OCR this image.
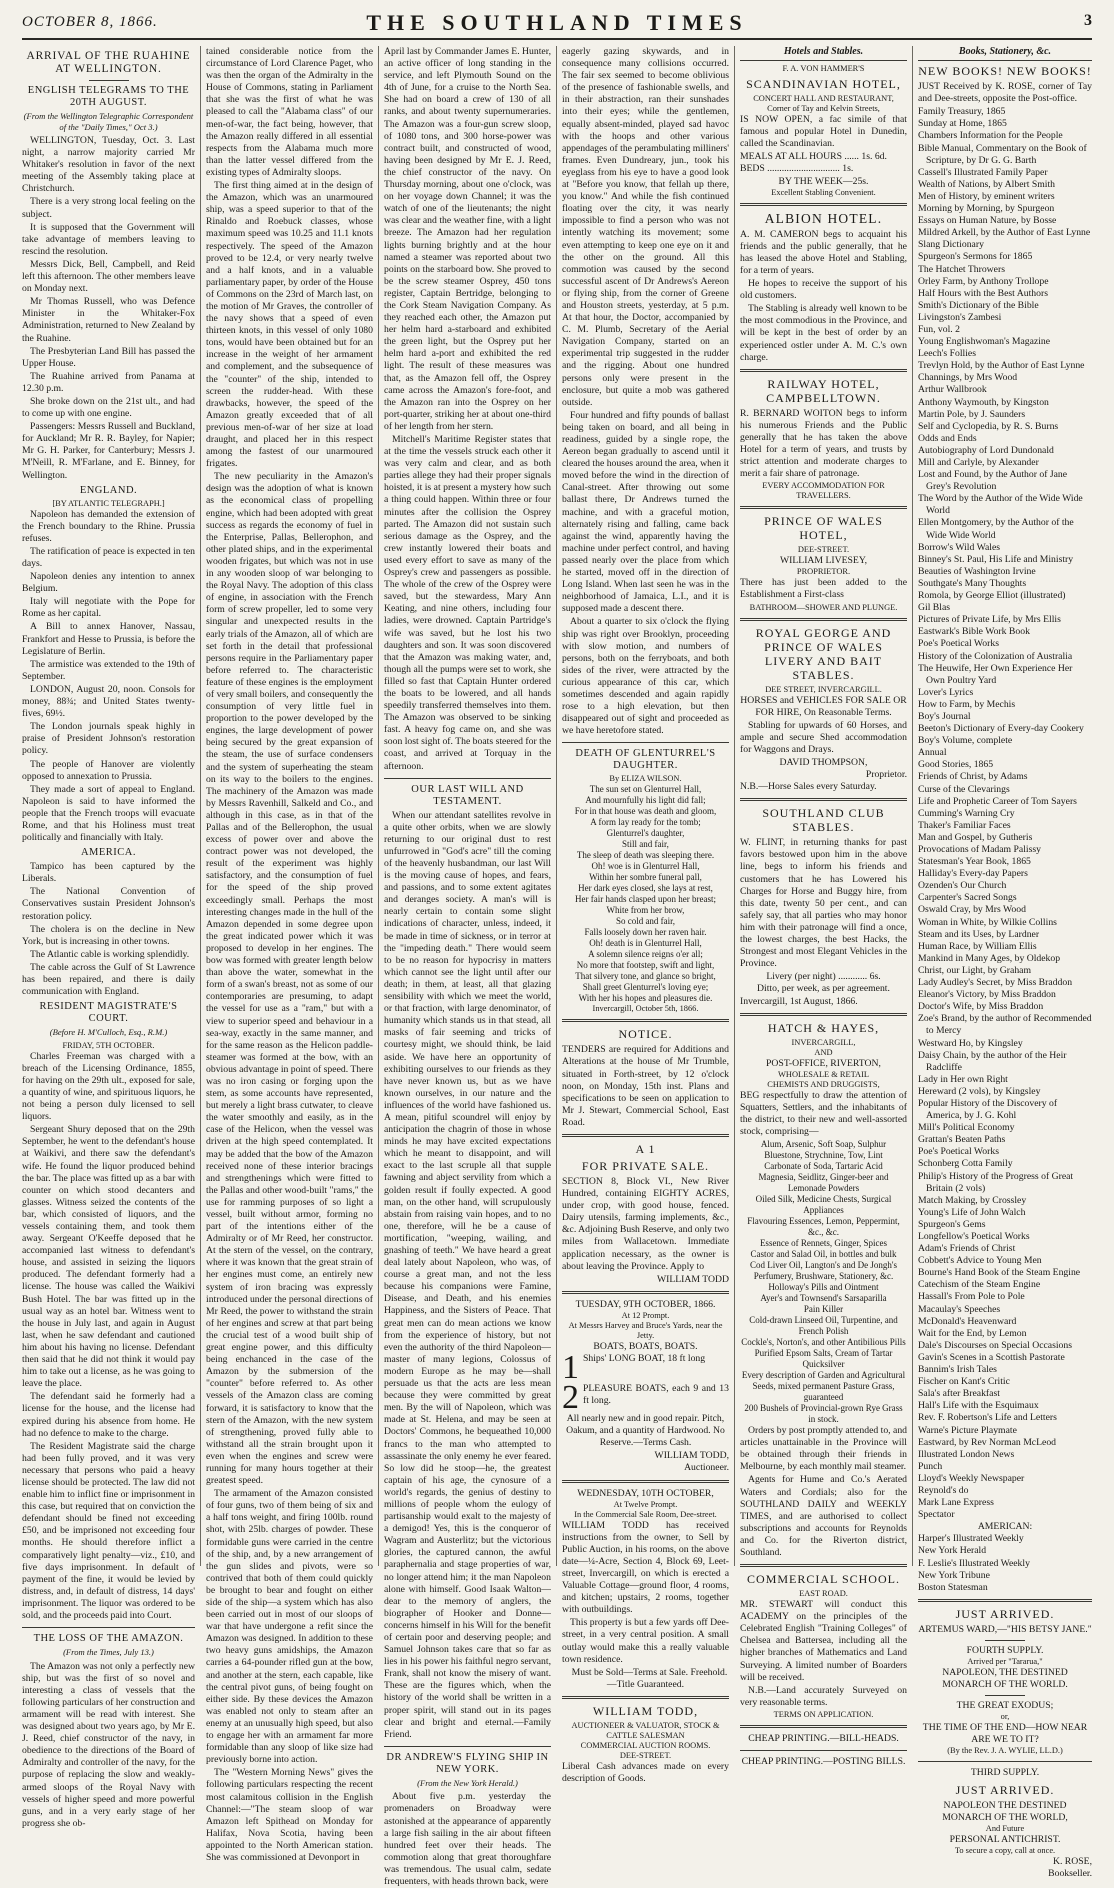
OCTOBER 8, 1866.	THE SOUTHLAND TIMES	3
ARRIVAL OF THE RUAHINE AT WELLINGTON.
ENGLISH TELEGRAMS TO THE 20TH AUGUST.
(From the Wellington Telegraphic Correspondent of the "Daily Times," Oct 3.)

WELLINGTON, Tuesday, Oct. 3. Last night, a narrow majority carried Mr Whitaker's resolution in favor of the next meeting of the Assembly taking place at Christchurch.

There is a very strong local feeling on the subject.

It is supposed that the Government will take advantage of members leaving to rescind the resolution.

Messrs Dick, Bell, Campbell, and Reid left this afternoon. The other members leave on Monday next.

Mr Thomas Russell, who was Defence Minister in the Whitaker-Fox Administration, returned to New Zealand by the Ruahine.

The Presbyterian Land Bill has passed the Upper House.

The Ruahine arrived from Panama at 12.30 p.m.

She broke down on the 21st ult., and had to come up with one engine.

Passengers: Messrs Russell and Buckland, for Auckland; Mr R. R. Bayley, for Napier; Mr G. H. Parker, for Canterbury; Messrs J. M'Neill, R. M'Farlane, and E. Binney, for Wellington.

ENGLAND.
[BY ATLANTIC TELEGRAPH.]

Napoleon has demanded the extension of the French boundary to the Rhine. Prussia refuses.

The ratification of peace is expected in ten days.

Napoleon denies any intention to annex Belgium.

Italy will negotiate with the Pope for Rome as her capital.

A Bill to annex Hanover, Nassau, Frankfort and Hesse to Prussia, is before the Legislature of Berlin.

The armistice was extended to the 19th of September.

LONDON, August 20, noon. Consols for money, 88¾; and United States twenty-fives, 69½.

The London journals speak highly in praise of President Johnson's restoration policy.

The people of Hanover are violently opposed to annexation to Prussia.

They made a sort of appeal to England. Napoleon is said to have informed the people that the French troops will evacuate Rome, and that his Holiness must treat politically and financially with Italy.

AMERICA.

Tampico has been captured by the Liberals.

The National Convention of Conservatives sustain President Johnson's restoration policy.

The cholera is on the decline in New York, but is increasing in other towns.

The Atlantic cable is working splendidly.

The cable across the Gulf of St Lawrence has been repaired, and there is daily communication with England.

RESIDENT MAGISTRATE'S COURT.
(Before H. M'Culloch, Esq., R.M.)
FRIDAY, 5TH OCTOBER.

Charles Freeman was charged with a breach of the Licensing Ordinance, 1855, for having on the 29th ult., exposed for sale, a quantity of wine, and spirituous liquors, he not being a person duly licensed to sell liquors.

Sergeant Shury deposed that on the 29th September, he went to the defendant's house at Waikivi, and there saw the defendant's wife. He found the liquor produced behind the bar. The place was fitted up as a bar with counter on which stood decanters and glasses. Witness seized the contents of the bar, which consisted of liquors, and the vessels containing them, and took them away. Sergeant O'Keeffe deposed that he accompanied last witness to defendant's house, and assisted in seizing the liquors produced. The defendant formerly had a license. The house was called the Waikivi Bush Hotel. The bar was fitted up in the usual way as an hotel bar. Witness went to the house in July last, and again in August last, when he saw defendant and cautioned him about his having no license. Defendant then said that he did not think it would pay him to take out a license, as he was going to leave the place.

The defendant said he formerly had a license for the house, and the license had expired during his absence from home. He had no defence to make to the charge.

The Resident Magistrate said the charge had been fully proved, and it was very necessary that persons who paid a heavy license should be protected. The law did not enable him to inflict fine or imprisonment in this case, but required that on conviction the defendant should be fined not exceeding £50, and be imprisoned not exceeding four months. He should therefore inflict a comparatively light penalty—viz., £10, and five days imprisonment. In default of payment of the fine, it would be levied by distress, and, in default of distress, 14 days' imprisonment. The liquor was ordered to be sold, and the proceeds paid into Court.

THE LOSS OF THE AMAZON.
(From the Times, July 13.)

The Amazon was not only a perfectly new ship, but was the first of so novel and interesting a class of vessels that the following particulars of her construction and armament will be read with interest. She was designed about two years ago, by Mr E. J. Reed, chief constructor of the navy, in obedience to the directions of the Board of Admiralty and controller of the navy, for the purpose of replacing the slow and weakly-armed sloops of the Royal Navy with vessels of higher speed and more powerful guns, and in a very early stage of her progress she ob-

tained considerable notice from the circumstance of Lord Clarence Paget, who was then the organ of the Admiralty in the House of Commons, stating in Parliament that she was the first of what he was pleased to call the "Alabama class" of our men-of-war, the fact being, however, that the Amazon really differed in all essential respects from the Alabama much more than the latter vessel differed from the existing types of Admiralty sloops.

The first thing aimed at in the design of the Amazon, which was an unarmoured ship, was a speed superior to that of the Rinaldo and Roebuck classes, whose maximum speed was 10.25 and 11.1 knots respectively. The speed of the Amazon proved to be 12.4, or very nearly twelve and a half knots, and in a valuable parliamentary paper, by order of the House of Commons on the 23rd of March last, on the motion of Mr Graves, the controller of the navy shows that a speed of even thirteen knots, in this vessel of only 1080 tons, would have been obtained but for an increase in the weight of her armament and complement, and the subsequence of the "counter" of the ship, intended to screen the rudder-head. With these drawbacks, however, the speed of the Amazon greatly exceeded that of all previous men-of-war of her size at load draught, and placed her in this respect among the fastest of our unarmoured frigates.

The new peculiarity in the Amazon's design was the adoption of what is known as the economical class of propelling engine, which had been adopted with great success as regards the economy of fuel in the Enterprise, Pallas, Bellerophon, and other plated ships, and in the experimental wooden frigates, but which was not in use in any wooden sloop of war belonging to the Royal Navy. The adoption of this class of engine, in association with the French form of screw propeller, led to some very singular and unexpected results in the early trials of the Amazon, all of which are set forth in the detail that professional persons require in the Parliamentary paper before referred to. The characteristic feature of these engines is the employment of very small boilers, and consequently the consumption of very little fuel in proportion to the power developed by the engines, the large development of power being secured by the great expansion of the steam, the use of surface condensers and the system of superheating the steam on its way to the boilers to the engines. The machinery of the Amazon was made by Messrs Ravenhill, Salkeld and Co., and although in this case, as in that of the Pallas and of the Bellerophon, the usual excess of power over and above the contract power was not developed, the result of the experiment was highly satisfactory, and the consumption of fuel for the speed of the ship proved exceedingly small. Perhaps the most interesting changes made in the hull of the Amazon depended in some degree upon the great indicated power which it was proposed to develop in her engines. The bow was formed with greater length below than above the water, somewhat in the form of a swan's breast, not as some of our contemporaries are presuming, to adapt the vessel for use as a "ram," but with a view to superior speed and behaviour in a sea-way, exactly in the same manner, and for the same reason as the Helicon paddle-steamer was formed at the bow, with an obvious advantage in point of speed. There was no iron casing or forging upon the stem, as some accounts have represented, but merely a light brass cutwater, to cleave the water smoothly and easily, as in the case of the Helicon, when the vessel was driven at the high speed contemplated. It may be added that the bow of the Amazon received none of these interior bracings and strengthenings which were fitted to the Pallas and other wood-built "rams," the use for ramming purposes of so light a vessel, built without armor, forming no part of the intentions either of the Admiralty or of Mr Reed, her constructor. At the stern of the vessel, on the contrary, where it was known that the great strain of her engines must come, an entirely new system of iron bracing was expressly introduced under the personal directions of Mr Reed, the power to withstand the strain of her engines and screw at that part being the crucial test of a wood built ship of great engine power, and this difficulty being enchanced in the case of the Amazon by the submersion of the "counter" before referred to. As other vessels of the Amazon class are coming forward, it is satisfactory to know that the stern of the Amazon, with the new system of strengthening, proved fully able to withstand all the strain brought upon it even when the engines and screw were running for many hours together at their greatest speed.

The armament of the Amazon consisted of four guns, two of them being of six and a half tons weight, and firing 100lb. round shot, with 25lb. charges of powder. These formidable guns were carried in the centre of the ship, and, by a new arrangement of the gun slides and pivots, were so contrived that both of them could quickly be brought to bear and fought on either side of the ship—a system which has also been carried out in most of our sloops of war that have undergone a refit since the Amazon was designed. In addition to these two heavy guns amidships, the Amazon carries a 64-pounder rifled gun at the bow, and another at the stern, each capable, like the central pivot guns, of being fought on either side. By these devices the Amazon was enabled not only to steam after an enemy at an unusually high speed, but also to engage her with an armament far more formidable than any sloop of like size had previously borne into action.

The "Western Morning News" gives the following particulars respecting the recent most calamitous collision in the English Channel:—"The steam sloop of war Amazon left Spithead on Monday for Halifax, Nova Scotia, having been appointed to the North American station. She was commissioned at Devonport in

April last by Commander James E. Hunter, an active officer of long standing in the service, and left Plymouth Sound on the 4th of June, for a cruise to the North Sea. She had on board a crew of 130 of all ranks, and about twenty supernumeraries. The Amazon was a four-gun screw sloop, of 1080 tons, and 300 horse-power was contract built, and constructed of wood, having been designed by Mr E. J. Reed, the chief constructor of the navy. On Thursday morning, about one o'clock, was on her voyage down Channel; it was the watch of one of the lieutenants; the night was clear and the weather fine, with a light breeze. The Amazon had her regulation lights burning brightly and at the hour named a steamer was reported about two points on the starboard bow. She proved to be the screw steamer Osprey, 450 tons register, Captain Bertridge, belonging to the Cork Steam Navigation Company. As they reached each other, the Amazon put her helm hard a-starboard and exhibited the green light, but the Osprey put her helm hard a-port and exhibited the red light. The result of these measures was that, as the Amazon fell off, the Osprey came across the Amazon's fore-foot, and the Amazon ran into the Osprey on her port-quarter, striking her at about one-third of her length from her stern.

Mitchell's Maritime Register states that at the time the vessels struck each other it was very calm and clear, and as both parties allege they had their proper signals hoisted, it is at present a mystery how such a thing could happen. Within three or four minutes after the collision the Osprey parted. The Amazon did not sustain such serious damage as the Osprey, and the crew instantly lowered their boats and used every effort to save as many of the Osprey's crew and passengers as possible. The whole of the crew of the Osprey were saved, but the stewardess, Mary Ann Keating, and nine others, including four ladies, were drowned. Captain Partridge's wife was saved, but he lost his two daughters and son. It was soon discovered that the Amazon was making water, and, though all the pumps were set to work, she filled so fast that Captain Hunter ordered the boats to be lowered, and all hands speedily transferred themselves into them. The Amazon was observed to be sinking fast. A heavy fog came on, and she was soon lost sight of. The boats steered for the coast, and arrived at Torquay in the afternoon.

OUR LAST WILL AND TESTAMENT.

When our attendant satellites revolve in a quite other orbits, when we are slowly returning to our original dust to rest unfurrowed in "God's acre" till the coming of the heavenly husbandman, our last Will is the moving cause of hopes, and fears, and passions, and to some extent agitates and deranges society. A man's will is nearly certain to contain some slight indications of character, unless, indeed, it be made in time of sickness, or in terror at the "impeding death." There would seem to be no reason for hypocrisy in matters which cannot see the light until after our death; in them, at least, all that glazing sensibility with which we meet the world, or that fraction, with large denominator, of humanity which stands us in that stead, all masks of fair seeming and tricks of courtesy might, we should think, be laid aside. We have here an opportunity of exhibiting ourselves to our friends as they have never known us, but as we have known ourselves, in our nature and the influences of the world have fashioned us. A mean, pitiful scoundrel will enjoy by anticipation the chagrin of those in whose minds he may have excited expectations which he meant to disappoint, and will exact to the last scruple all that supple fawning and abject servility from which a golden result if foully expected. A good man, on the other hand, will scrupulously abstain from raising vain hopes, and to no one, therefore, will he be a cause of mortification, "weeping, wailing, and gnashing of teeth." We have heard a great deal lately about Napoleon, who was, of course a great man, and not the less because his companions were Famine, Disease, and Death, and his enemies Happiness, and the Sisters of Peace. That great men can do mean actions we know from the experience of history, but not even the authority of the third Napoleon—master of many legions, Colossus of modern Europe as he may be—shall persuade us that the acts are less mean because they were committed by great men. By the will of Napoleon, which was made at St. Helena, and may be seen at Doctors' Commons, he bequeathed 10,000 francs to the man who attempted to assassinate the only enemy he ever feared. So low did he stoop—he, the greatest captain of his age, the cynosure of a world's regards, the genius of destiny to millions of people whom the eulogy of partisanship would exalt to the majesty of a demigod! Yes, this is the conqueror of Wagram and Austerlitz; but the victorious glories, the captured cannon, the awful paraphernalia and stage properties of war, no longer attend him; it the man Napoleon alone with himself. Good Isaak Walton—dear to the memory of anglers, the biographer of Hooker and Donne—concerns himself in his Will for the benefit of certain poor and deserving people; and Samuel Johnson takes care that so far as lies in his power his faithful negro servant, Frank, shall not know the misery of want. These are the figures which, when the history of the world shall be written in a proper spirit, will stand out in its pages clear and bright and eternal.—Family Friend.

DR ANDREW'S FLYING SHIP IN NEW YORK.
(From the New York Herald.)

About five p.m. yesterday the promenaders on Broadway were astonished at the appearance of apparently a large fish sailing in the air about fifteen hundred feet over their heads. The commotion along that great thoroughfare was tremendous. The usual calm, sedate frequenters, with heads thrown back, were

eagerly gazing skywards, and in consequence many collisions occurred. The fair sex seemed to become oblivious of the presence of fashionable swells, and in their abstraction, ran their sunshades into their eyes; while the gentlemen, equally absent-minded, played sad havoc with the hoops and other various appendages of the perambulating milliners' frames. Even Dundreary, jun., took his eyeglass from his eye to have a good look at "Before you know, that fellah up there, you know." And while the fish continued floating over the city, it was nearly impossible to find a person who was not intently watching its movement; some even attempting to keep one eye on it and the other on the ground. All this commotion was caused by the second successful ascent of Dr Andrews's Aereon or flying ship, from the corner of Greene and Houston streets, yesterday, at 5 p.m. At that hour, the Doctor, accompanied by C. M. Plumb, Secretary of the Aerial Navigation Company, started on an experimental trip suggested in the rudder and the rigging. About one hundred persons only were present in the enclosure, but quite a mob was gathered outside.

Four hundred and fifty pounds of ballast being taken on board, and all being in readiness, guided by a single rope, the Aereon began gradually to ascend until it cleared the houses around the area, when it moved before the wind in the direction of Canal-street. After throwing out some ballast there, Dr Andrews turned the machine, and with a graceful motion, alternately rising and falling, came back against the wind, apparently having the machine under perfect control, and having passed nearly over the place from which he started, moved off in the direction of Long Island. When last seen he was in the neighborhood of Jamaica, L.I., and it is supposed made a descent there.

About a quarter to six o'clock the flying ship was right over Brooklyn, proceeding with slow motion, and numbers of persons, both on the ferryboats, and both sides of the river, were attracted by the curious appearance of this car, which sometimes descended and again rapidly rose to a high elevation, but then disappeared out of sight and proceeded as we have heretofore stated.

DEATH OF GLENTURREL'S DAUGHTER.
By ELIZA WILSON.
The sun set on Glenturrel Hall,
And mournfully his light did fall;
For in that house was death and gloom,
A form lay ready for the tomb;
Glenturrel's daughter,
Still and fair,
The sleep of death was sleeping there.
Oh! woe is in Glenturrel Hall,
Within her sombre funeral pall,
Her dark eyes closed, she lays at rest,
Her fair hands clasped upon her breast;
White from her brow,
So cold and fair,
Falls loosely down her raven hair.
Oh! death is in Glenturrel Hall,
A solemn silence reigns o'er all;
No more that footstep, swift and light,
That silvery tone, and glance so bright,
Shall greet Glenturrel's loving eye;
With her his hopes and pleasures die.
Invercargill, October 5th, 1866.
NOTICE.

TENDERS are required for Additions and Alterations at the house of Mr Trumble, situated in Forth-street, by 12 o'clock noon, on Monday, 15th inst. Plans and specifications to be seen on application to Mr J. Stewart, Commercial School, East Road.

A 1
FOR PRIVATE SALE.

SECTION 8, Block VI., New River Hundred, containing EIGHTY ACRES, under crop, with good house, fenced. Dairy utensils, farming implements, &c., &c. Adjoining Bush Reserve, and only two miles from Wallacetown. Immediate application necessary, as the owner is about leaving the Province. Apply to

WILLIAM TODD
TUESDAY, 9TH OCTOBER, 1866.
At 12 Prompt.
At Messrs Harvey and Bruce's Yards, near the Jetty.
BOATS, BOATS, BOATS.
1 Ships' LONG BOAT, 18 ft long
2 PLEASURE BOATS, each 9 and 13 ft long.

All nearly new and in good repair. Pitch, Oakum, and a quantity of Hardwood. No Reserve.—Terms Cash.

WILLIAM TODD,
Auctioneer.
WEDNESDAY, 10TH OCTOBER,
At Twelve Prompt.
In the Commercial Sale Room, Dee-street.

WILLIAM TODD has received instructions from the owner, to Sell by Public Auction, in his rooms, on the above date—¼-Acre, Section 4, Block 69, Leet-street, Invercargill, on which is erected a Valuable Cottage—ground floor, 4 rooms, and kitchen; upstairs, 2 rooms, together with outbuildings.

This property is but a few yards off Dee-street, in a very central position. A small outlay would make this a really valuable town residence.

Must be Sold—Terms at Sale. Freehold.—Title Guaranteed.

WILLIAM TODD,
AUCTIONEER & VALUATOR, STOCK & CATTLE SALESMAN
COMMERCIAL AUCTION ROOMS.
DEE-STREET.

Liberal Cash advances made on every description of Goods.

Hotels and Stables.
F. A. VON HAMMER'S
SCANDINAVIAN HOTEL,
CONCERT HALL AND RESTAURANT,
Corner of Tay and Kelvin Streets,

IS NOW OPEN, a fac simile of that famous and popular Hotel in Dunedin, called the Scandinavian.

MEALS AT ALL HOURS ...... 1s. 6d.
BEDS .............................. 1s.
BY THE WEEK—25s.
Excellent Stabling Convenient.
ALBION HOTEL.

A. M. CAMERON begs to acquaint his friends and the public generally, that he has leased the above Hotel and Stabling, for a term of years.

He hopes to receive the support of his old customers.

The Stabling is already well known to be the most commodious in the Province, and will be kept in the best of order by an experienced ostler under A. M. C.'s own charge.

RAILWAY HOTEL, CAMPBELLTOWN.

R. BERNARD WOITON begs to inform his numerous Friends and the Public generally that he has taken the above Hotel for a term of years, and trusts by strict attention and moderate charges to merit a fair share of patronage.

EVERY ACCOMMODATION FOR TRAVELLERS.
PRINCE OF WALES HOTEL,
DEE-STREET.
WILLIAM LIVESEY,
PROPRIETOR.

There has just been added to the Establishment a First-class

BATHROOM—SHOWER AND PLUNGE.
ROYAL GEORGE AND PRINCE OF WALES LIVERY AND BAIT STABLES.
DEE STREET, INVERCARGILL.

HORSES and VEHICLES FOR SALE OR FOR HIRE, On Reasonable Terms.

Stabling for upwards of 60 Horses, and ample and secure Shed accommodation for Waggons and Drays.

DAVID THOMPSON,
Proprietor.
N.B.—Horse Sales every Saturday.
SOUTHLAND CLUB STABLES.

W. FLINT, in returning thanks for past favors bestowed upon him in the above line, begs to inform his friends and customers that he has Lowered his Charges for Horse and Buggy hire, from this date, twenty 50 per cent., and can safely say, that all parties who may honor him with their patronage will find a once, the lowest charges, the best Hacks, the Strongest and most Elegant Vehicles in the Province.

Livery (per night) ............ 6s.
Ditto, per week, as per agreement.
Invercargill, 1st August, 1866.
HATCH & HAYES,
INVERCARGILL,
AND
POST-OFFICE, RIVERTON,
WHOLESALE & RETAIL
CHEMISTS AND DRUGGISTS,

BEG respectfully to draw the attention of Squatters, Settlers, and the inhabitants of the district, to their new and well-assorted stock, comprising—

Alum, Arsenic, Soft Soap, Sulphur
Bluestone, Strychnine, Tow, Lint
Carbonate of Soda, Tartaric Acid
Magnesia, Seidlitz, Ginger-beer and Lemonade Powders
Oiled Silk, Medicine Chests, Surgical Appliances
Flavouring Essences, Lemon, Peppermint, &c., &c.
Essence of Rennets, Ginger, Spices
Castor and Salad Oil, in bottles and bulk
Cod Liver Oil, Langton's and De Jongh's
Perfumery, Brushware, Stationery, &c.
Holloway's Pills and Ointment
Ayer's and Townsend's Sarsaparilla
Pain Killer
Cold-drawn Linseed Oil, Turpentine, and French Polish
Cockle's, Norton's, and other Antibilious Pills
Purified Epsom Salts, Cream of Tartar
Quicksilver
Every description of Garden and Agricultural Seeds, mixed permanent Pasture Grass, guaranteed
200 Bushels of Provincial-grown Rye Grass in stock.

Orders by post promptly attended to, and articles unattainable in the Province will be obtained through their friends in Melbourne, by each monthly mail steamer.

Agents for Hume and Co.'s Aerated Waters and Cordials; also for the SOUTHLAND DAILY and WEEKLY TIMES, and are authorised to collect subscriptions and accounts for Reynolds and Co. for the Riverton district, Southland.

COMMERCIAL SCHOOL.
EAST ROAD.

MR. STEWART will conduct this ACADEMY on the principles of the Celebrated English "Training Colleges" of Chelsea and Battersea, including all the higher branches of Mathematics and Land Surveying. A limited number of Boarders will be received.

N.B.—Land accurately Surveyed on very reasonable terms.

TERMS ON APPLICATION.
CHEAP PRINTING.—BILL-HEADS.
CHEAP PRINTING.—POSTING BILLS.
Books, Stationery, &c.
NEW BOOKS! NEW BOOKS!

JUST Received by K. ROSE, corner of Tay and Dee-streets, opposite the Post-office.

Family Treasury, 1865
Sunday at Home, 1865
Chambers Information for the People
Bible Manual, Commentary on the Book of Scripture, by Dr G. G. Barth
Cassell's Illustrated Family Paper
Wealth of Nations, by Albert Smith
Men of History, by eminent writers
Morning by Morning, by Spurgeon
Essays on Human Nature, by Bosse
Mildred Arkell, by the Author of East Lynne
Slang Dictionary
Spurgeon's Sermons for 1865
The Hatchet Throwers
Orley Farm, by Anthony Trollope
Half Hours with the Best Authors
Smith's Dictionary of the Bible
Livingston's Zambesi
Fun, vol. 2
Young Englishwoman's Magazine
Leech's Follies
Trevlyn Hold, by the Author of East Lynne
Channings, by Mrs Wood
Arthur Wallbrook
Anthony Waymouth, by Kingston
Martin Pole, by J. Saunders
Self and Cyclopedia, by R. S. Burns
Odds and Ends
Autobiography of Lord Dundonald
Mill and Carlyle, by Alexander
Lost and Found, by the Author of Jane Grey's Revolution
The Word by the Author of the Wide Wide World
Ellen Montgomery, by the Author of the Wide Wide World
Borrow's Wild Wales
Binney's St. Paul, His Life and Ministry
Beauties of Washington Irvine
Southgate's Many Thoughts
Romola, by George Elliot (illustrated)
Gil Blas
Pictures of Private Life, by Mrs Ellis
Eastwark's Bible Work Book
Poe's Poetical Works
History of the Colonization of Australia
The Heuwife, Her Own Experience Her Own Poultry Yard
Lover's Lyrics
How to Farm, by Mechis
Boy's Journal
Beeton's Dictionary of Every-day Cookery
Boy's Volume, complete
Annual
Good Stories, 1865
Friends of Christ, by Adams
Curse of the Clevarings
Life and Prophetic Career of Tom Sayers
Cumming's Warning Cry
Thaker's Familiar Faces
Man and Gospel, by Gutheris
Provocations of Madam Palissy
Statesman's Year Book, 1865
Halliday's Every-day Papers
Ozenden's Our Church
Carpenter's Sacred Songs
Oswald Cray, by Mrs Wood
Woman in White, by Wilkie Collins
Steam and its Uses, by Lardner
Human Race, by William Ellis
Mankind in Many Ages, by Oldekop
Christ, our Light, by Graham
Lady Audley's Secret, by Miss Braddon
Eleanor's Victory, by Miss Braddon
Doctor's Wife, by Miss Braddon
Zoe's Brand, by the author of Recommended to Mercy
Westward Ho, by Kingsley
Daisy Chain, by the author of the Heir Radcliffe
Lady in Her own Right
Hereward (2 vols), by Kingsley
Popular History of the Discovery of America, by J. G. Kohl
Mill's Political Economy
Grattan's Beaten Paths
Poe's Poetical Works
Schonberg Cotta Family
Philip's History of the Progress of Great Britain (2 vols)
Match Making, by Crossley
Young's Life of John Walch
Spurgeon's Gems
Longfellow's Poetical Works
Adam's Friends of Christ
Cobbett's Advice to Young Men
Bourne's Hand Book of the Steam Engine
Catechism of the Steam Engine
Hassall's From Pole to Pole
Macaulay's Speeches
McDonald's Heavenward
Wait for the End, by Lemon
Dale's Discourses on Special Occasions
Gavin's Scenes in a Scottish Pastorate
Bannim's Irish Tales
Fischer on Kant's Critic
Sala's after Breakfast
Hall's Life with the Esquimaux
Rev. F. Robertson's Life and Letters
Warne's Picture Playmate
Eastward, by Rev Norman McLeod
Illustrated London News
Punch
Lloyd's Weekly Newspaper
Reynold's do
Mark Lane Express
Spectator
AMERICAN:
Harper's Illustrated Weekly
New York Herald
F. Leslie's Illustrated Weekly
New York Tribune
Boston Statesman
JUST ARRIVED.
ARTEMUS WARD,—"HIS BETSY JANE."
FOURTH SUPPLY.
Arrived per "Tararua,"
NAPOLEON, THE DESTINED MONARCH OF THE WORLD.
THE GREAT EXODUS;
or,
THE TIME OF THE END—HOW NEAR ARE WE TO IT?
(By the Rev. J. A. WYLIE, LL.D.)
THIRD SUPPLY.
JUST ARRIVED.
NAPOLEON THE DESTINED MONARCH OF THE WORLD,
And Future
PERSONAL ANTICHRIST.
To secure a copy, call at once.
K. ROSE,
Bookseller.
